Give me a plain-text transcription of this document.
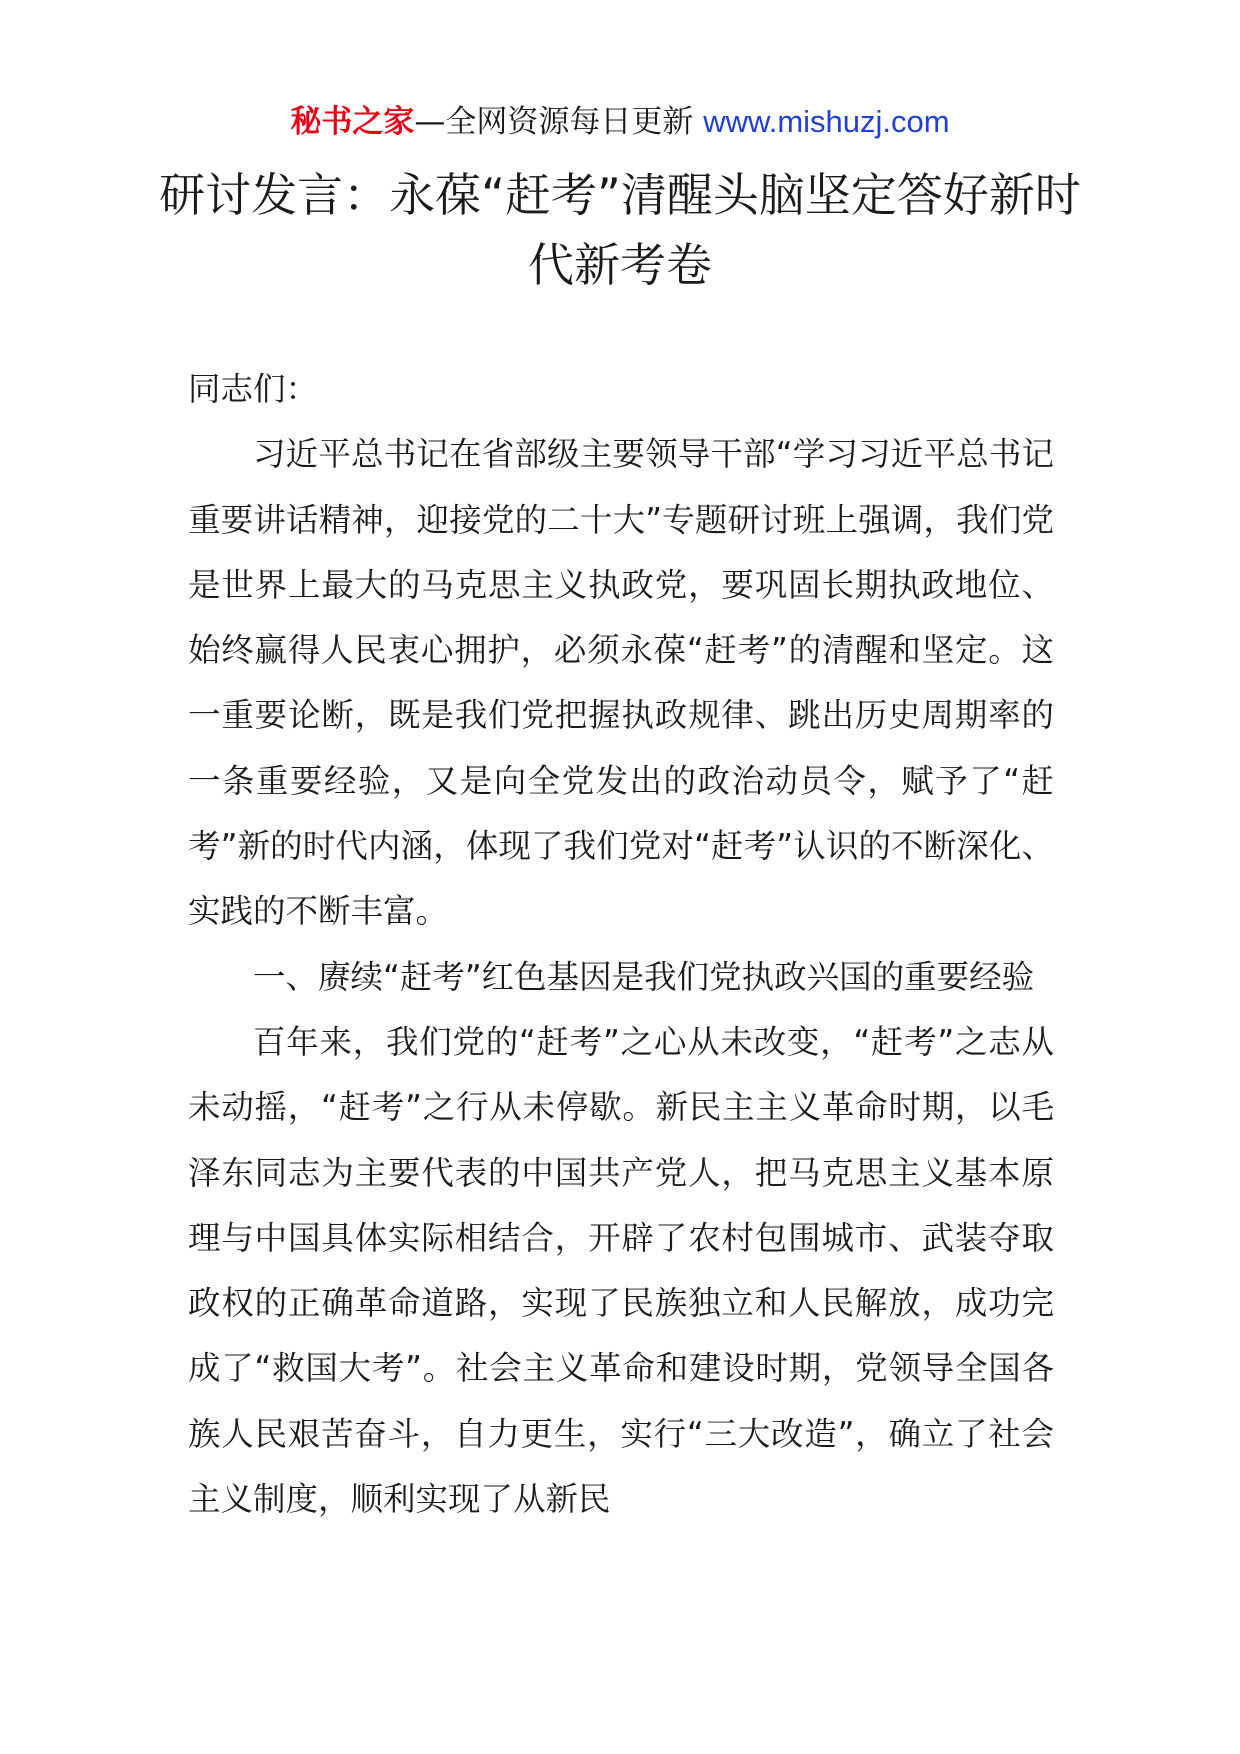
秘书之家—全网资源每日更新 www.mishuzj.com
研讨发言：永葆“赶考”清醒头脑坚定答好新时代新考卷

同志们：

习近平总书记在省部级主要领导干部“学习习近平总书记重要讲话精神，迎接党的二十大”专题研讨班上强调，我们党是世界上最大的马克思主义执政党，要巩固长期执政地位、始终赢得人民衷心拥护，必须永葆“赶考”的清醒和坚定。这一重要论断，既是我们党把握执政规律、跳出历史周期率的一条重要经验，又是向全党发出的政治动员令，赋予了“赶考”新的时代内涵，体现了我们党对“赶考”认识的不断深化、实践的不断丰富。

一、赓续“赶考”红色基因是我们党执政兴国的重要经验

百年来，我们党的“赶考”之心从未改变，“赶考”之志从未动摇，“赶考”之行从未停歇。新民主主义革命时期，以毛泽东同志为主要代表的中国共产党人，把马克思主义基本原理与中国具体实际相结合，开辟了农村包围城市、武装夺取政权的正确革命道路，实现了民族独立和人民解放，成功完成了“救国大考”。社会主义革命和建设时期，党领导全国各族人民艰苦奋斗，自力更生，实行“三大改造”，确立了社会主义制度，顺利实现了从新民
